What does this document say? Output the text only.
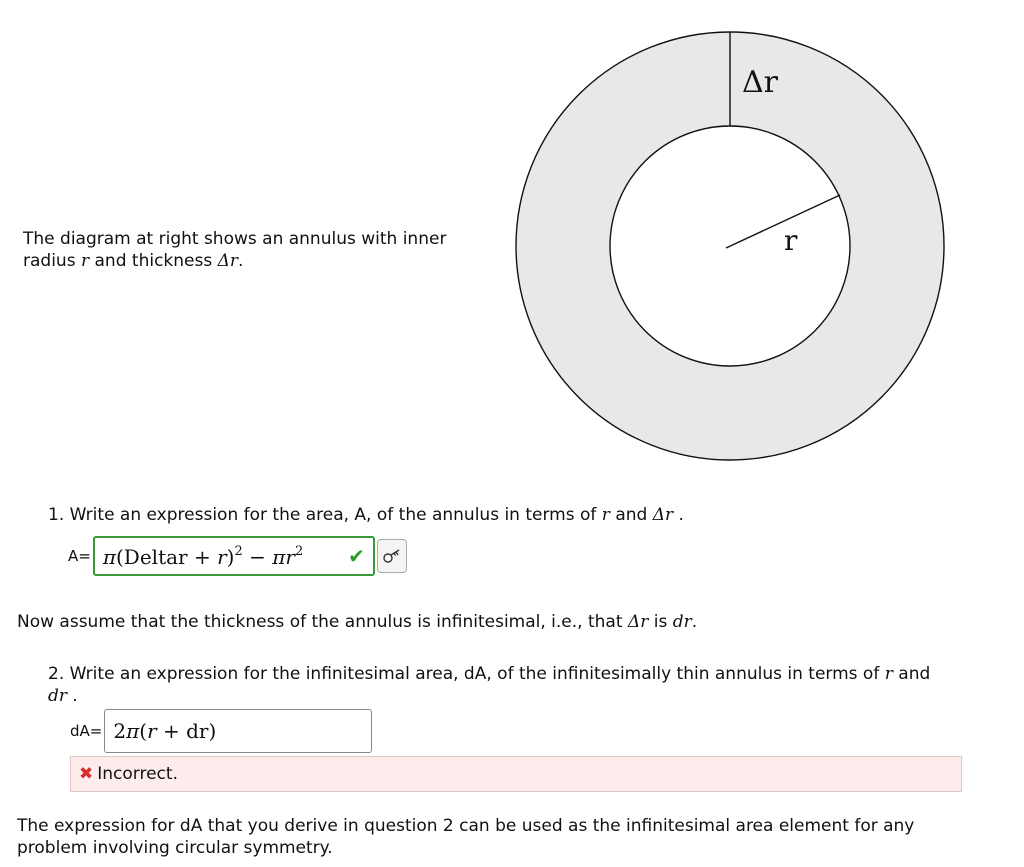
The diagram at right shows an annulus with inner radius r and thickness Δr.
Δr
r
1. Write an expression for the area, A, of the annulus in terms of r and Δr .
A= π(Deltar + $r)^2 - \pi r^2$	✔
Now assume that the thickness of the annulus is infinitesimal, i.e., that Δr is dr.
2. Write an expression for the infinitesimal area, dA, of the infinitesimally thin annulus in terms of r and dr .
dA= 2π(r + dr)
✖ Incorrect.
The expression for dA that you derive in question 2 can be used as the infinitesimal area element for any problem involving circular symmetry.
